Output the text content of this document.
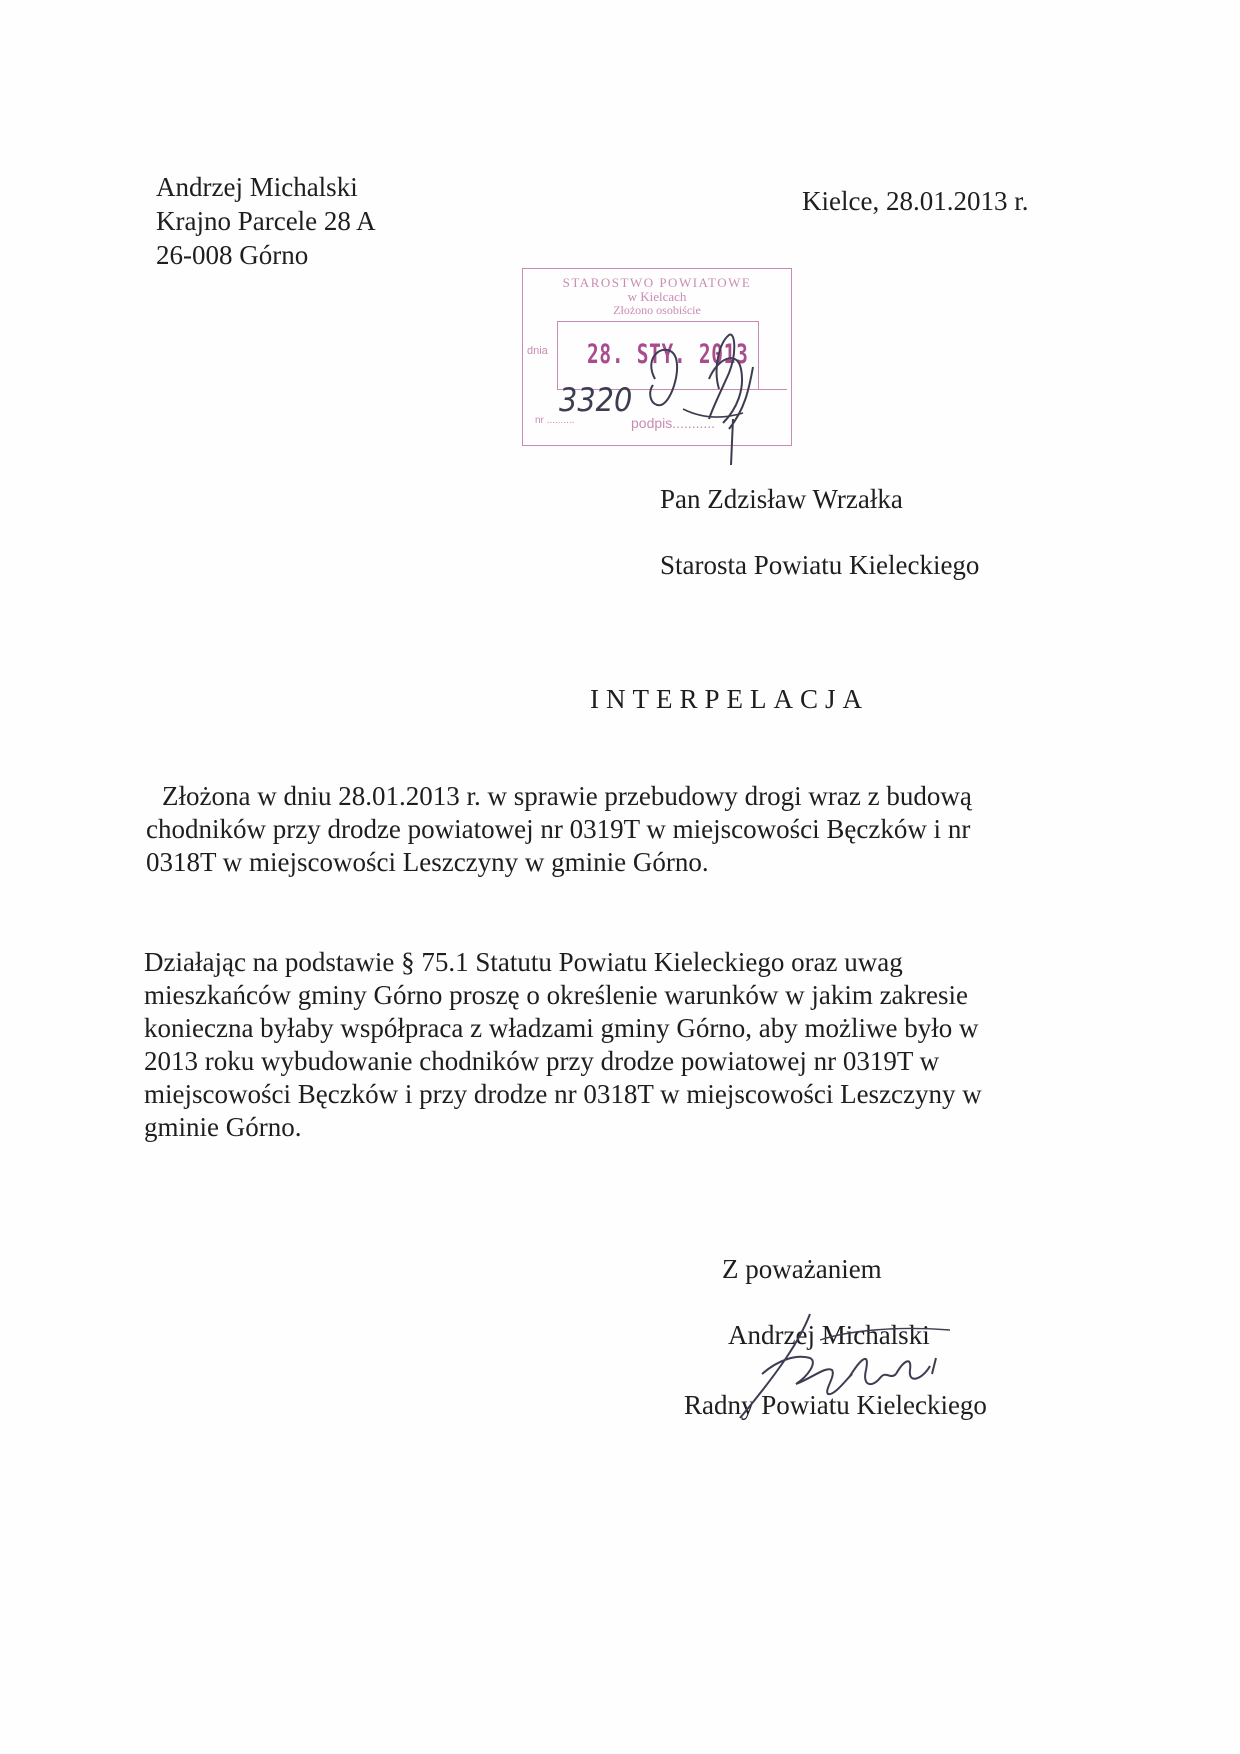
Andrzej Michalski
Krajno Parcele 28 A
26-008 Górno
Kielce, 28.01.2013 r.
STAROSTWO POWIATOWE
w Kielcach
Złożono osobiście
dnia 28. STY. 2013
nr ..........	podpis...........
3320
Pan Zdzisław Wrzałka
Starosta Powiatu Kieleckiego
INTERPELACJA
Złożona w dniu 28.01.2013 r. w sprawie przebudowy drogi wraz z budową
chodników przy drodze powiatowej nr 0319T w miejscowości Bęczków i nr
0318T w miejscowości Leszczyny w gminie Górno.
Działając na podstawie § 75.1 Statutu Powiatu Kieleckiego oraz uwag
mieszkańców gminy Górno proszę o określenie warunków w jakim zakresie
konieczna byłaby współpraca z władzami gminy Górno, aby możliwe było w
2013 roku wybudowanie chodników przy drodze powiatowej nr 0319T w
miejscowości Bęczków i przy drodze nr 0318T w miejscowości Leszczyny w
gminie Górno.
Z poważaniem
Andrzej Michalski
Radny Powiatu Kieleckiego
